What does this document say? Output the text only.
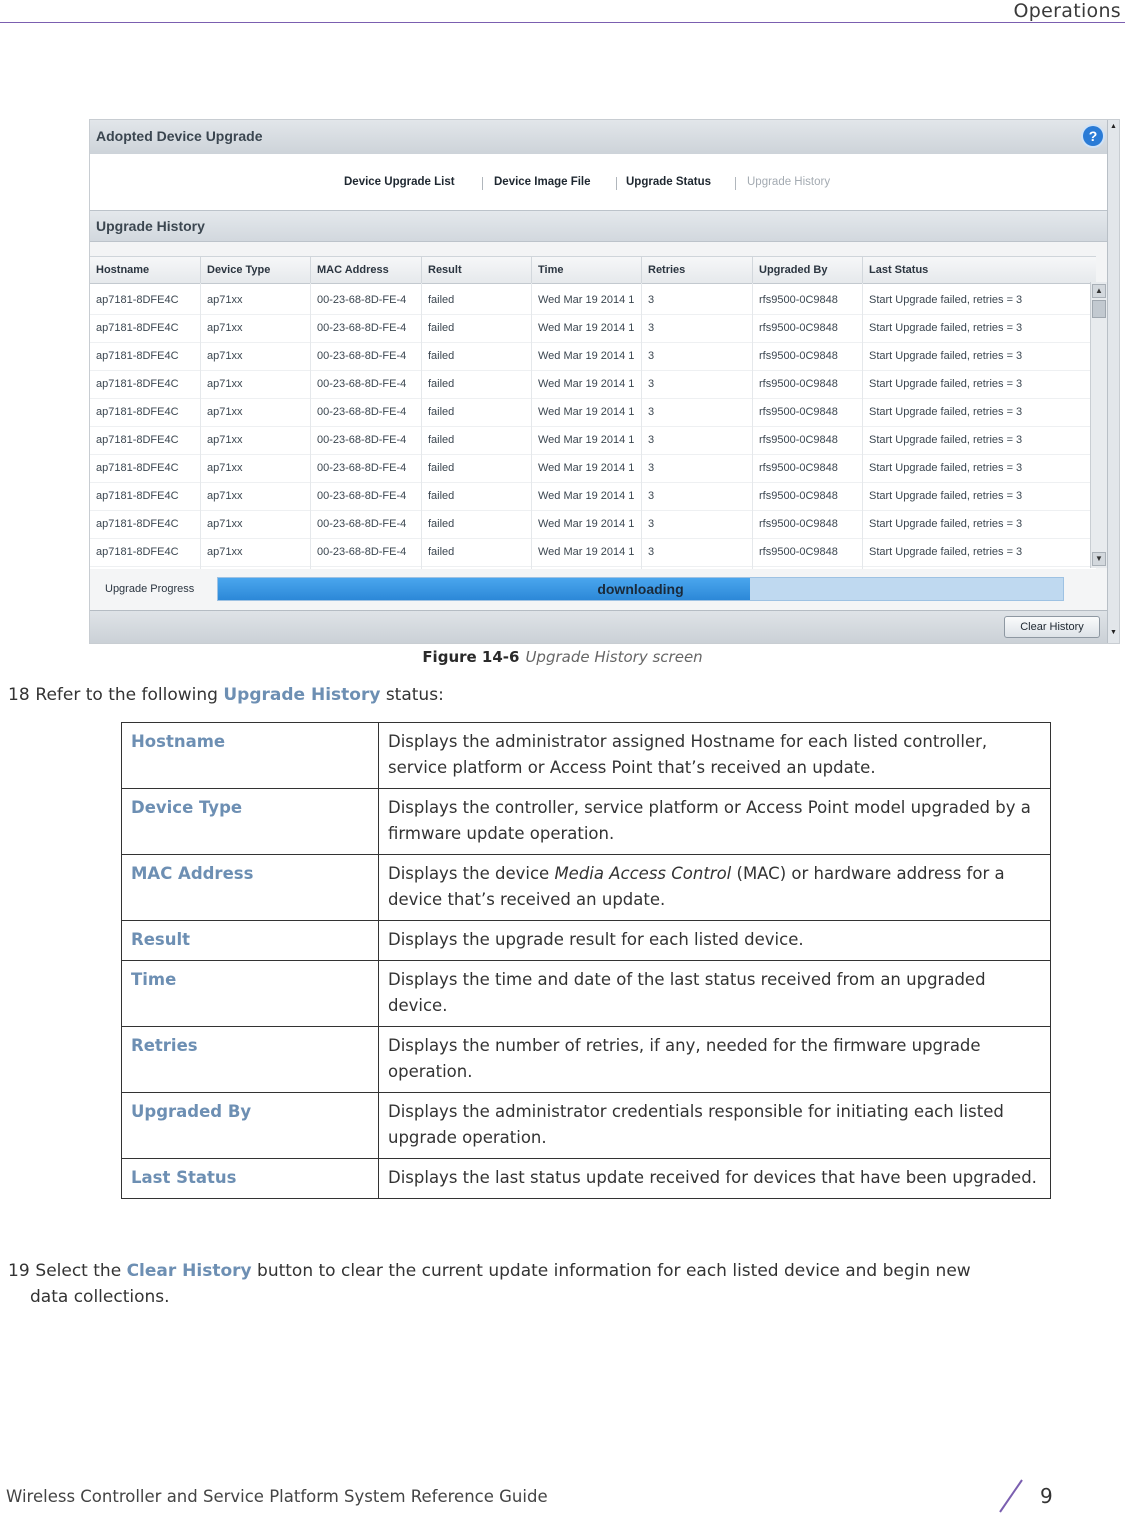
Operations
Adopted Device Upgrade	?
Device Upgrade List	Device Image File	Upgrade Status	Upgrade History
Upgrade History
Hostname	Device Type	MAC Address	Result	Time	Retries	Upgraded By	Last Status
ap7181-8DFE4C	ap71xx	00-23-68-8D-FE-4	failed	Wed Mar 19 2014 1	3	rfs9500-0C9848	Start Upgrade failed, retries = 3
ap7181-8DFE4C	ap71xx	00-23-68-8D-FE-4	failed	Wed Mar 19 2014 1	3	rfs9500-0C9848	Start Upgrade failed, retries = 3
ap7181-8DFE4C	ap71xx	00-23-68-8D-FE-4	failed	Wed Mar 19 2014 1	3	rfs9500-0C9848	Start Upgrade failed, retries = 3
ap7181-8DFE4C	ap71xx	00-23-68-8D-FE-4	failed	Wed Mar 19 2014 1	3	rfs9500-0C9848	Start Upgrade failed, retries = 3
ap7181-8DFE4C	ap71xx	00-23-68-8D-FE-4	failed	Wed Mar 19 2014 1	3	rfs9500-0C9848	Start Upgrade failed, retries = 3
ap7181-8DFE4C	ap71xx	00-23-68-8D-FE-4	failed	Wed Mar 19 2014 1	3	rfs9500-0C9848	Start Upgrade failed, retries = 3
ap7181-8DFE4C	ap71xx	00-23-68-8D-FE-4	failed	Wed Mar 19 2014 1	3	rfs9500-0C9848	Start Upgrade failed, retries = 3
ap7181-8DFE4C	ap71xx	00-23-68-8D-FE-4	failed	Wed Mar 19 2014 1	3	rfs9500-0C9848	Start Upgrade failed, retries = 3
ap7181-8DFE4C	ap71xx	00-23-68-8D-FE-4	failed	Wed Mar 19 2014 1	3	rfs9500-0C9848	Start Upgrade failed, retries = 3
ap7181-8DFE4C	ap71xx	00-23-68-8D-FE-4	failed	Wed Mar 19 2014 1	3	rfs9500-0C9848	Start Upgrade failed, retries = 3
▲
▼
Upgrade Progress	downloading
Clear History
▲
▼
Figure 14-6 Upgrade History screen
18 Refer to the following Upgrade History status:
Hostname	Displays the administrator assigned Hostname for each listed controller, service platform or Access Point that’s received an update.
Device Type	Displays the controller, service platform or Access Point model upgraded by a firmware update operation.
MAC Address	Displays the device Media Access Control (MAC) or hardware address for a device that’s received an update.
Result	Displays the upgrade result for each listed device.
Time	Displays the time and date of the last status received from an upgraded device.
Retries	Displays the number of retries, if any, needed for the firmware upgrade operation.
Upgraded By	Displays the administrator credentials responsible for initiating each listed upgrade operation.
Last Status	Displays the last status update received for devices that have been upgraded.
19 Select the Clear History button to clear the current update information for each listed device and begin new
data collections.
Wireless Controller and Service Platform System Reference Guide	9
